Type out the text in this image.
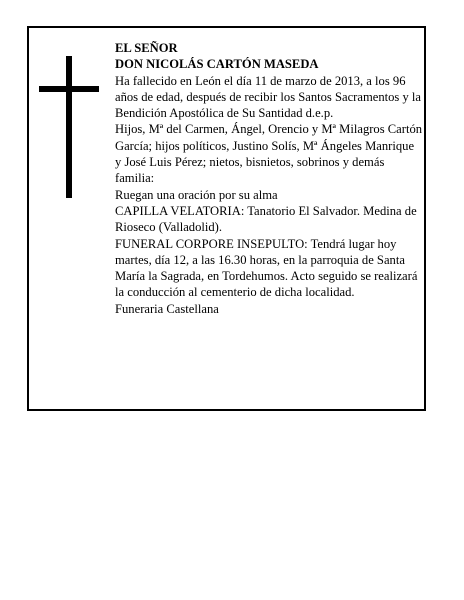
EL SEÑOR

DON NICOLÁS CARTÓN MASEDA

Ha fallecido en León el día 11 de marzo de 2013, a los 96 años de edad, después de recibir los Santos Sacramentos y la Bendición Apostólica de Su Santidad d.e.p.

Hijos, Mª del Carmen, Ángel, Orencio y Mª Milagros Cartón García; hijos políticos, Justino Solís, Mª Ángeles Manrique y José Luis Pérez; nietos, bisnietos, sobrinos y demás familia:

Ruegan una oración por su alma

CAPILLA VELATORIA: Tanatorio El Salvador. Medina de Rioseco (Valladolid).

FUNERAL CORPORE INSEPULTO: Tendrá lugar hoy martes, día 12, a las 16.30 horas, en la parroquia de Santa María la Sagrada, en Tordehumos. Acto seguido se realizará la conducción al cementerio de dicha localidad.

Funeraria Castellana
